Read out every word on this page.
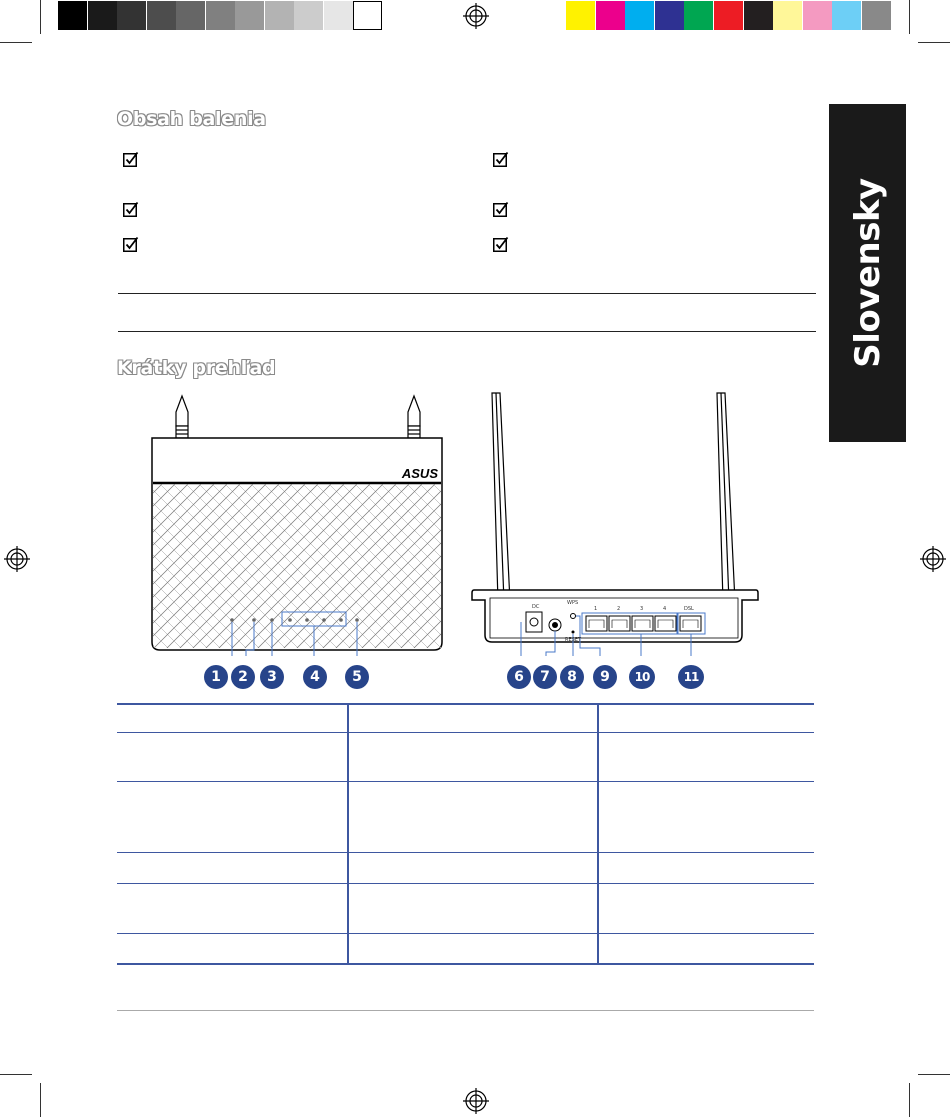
Slovensky
Obsah balenia
Krátky prehľad
ASUS
DC
WPS
RESET
1	2	3	4	DSL
1	2	3	4	5	6	7	8	9	10	11
